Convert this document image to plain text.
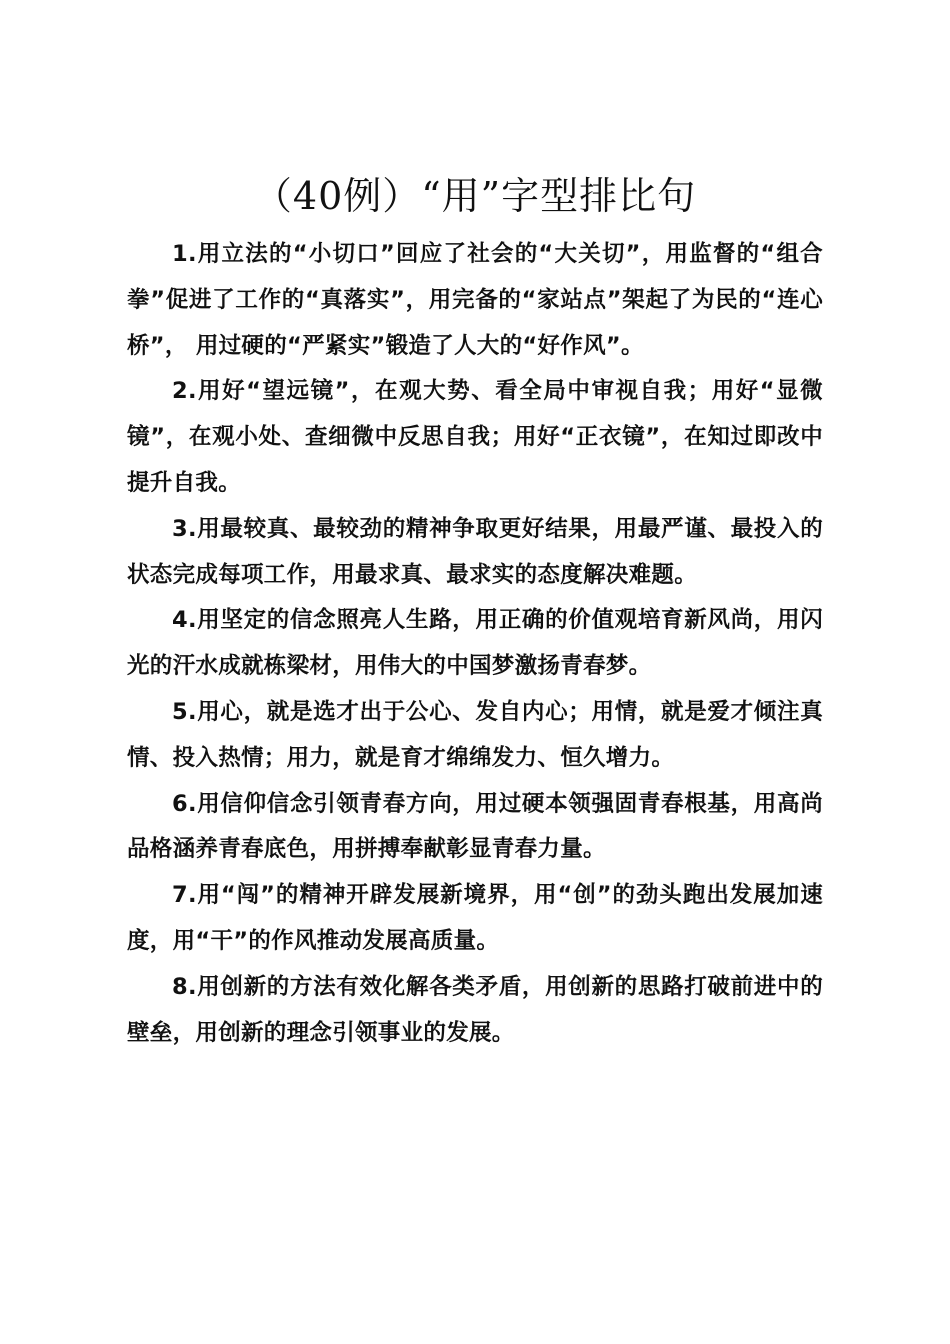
（40例）“用”字型排比句

1.用立法的“小切口”回应了社会的“大关切”，用监督的“组合拳”促进了工作的“真落实”，用完备的“家站点”架起了为民的“连心桥”， 用过硬的“严紧实”锻造了人大的“好作风”。

2.用好“望远镜”，在观大势、看全局中审视自我；用好“显微镜”，在观小处、查细微中反思自我；用好“正衣镜”，在知过即改中提升自我。

3.用最较真、最较劲的精神争取更好结果，用最严谨、最投入的状态完成每项工作，用最求真、最求实的态度解决难题。

4.用坚定的信念照亮人生路，用正确的价值观培育新风尚，用闪光的汗水成就栋梁材，用伟大的中国梦激扬青春梦。

5.用心，就是选才出于公心、发自内心；用情，就是爱才倾注真情、投入热情；用力，就是育才绵绵发力、恒久增力。

6.用信仰信念引领青春方向，用过硬本领强固青春根基，用高尚品格涵养青春底色，用拼搏奉献彰显青春力量。

7.用“闯”的精神开辟发展新境界，用“创”的劲头跑出发展加速度，用“干”的作风推动发展高质量。

8.用创新的方法有效化解各类矛盾，用创新的思路打破前进中的壁垒，用创新的理念引领事业的发展。
